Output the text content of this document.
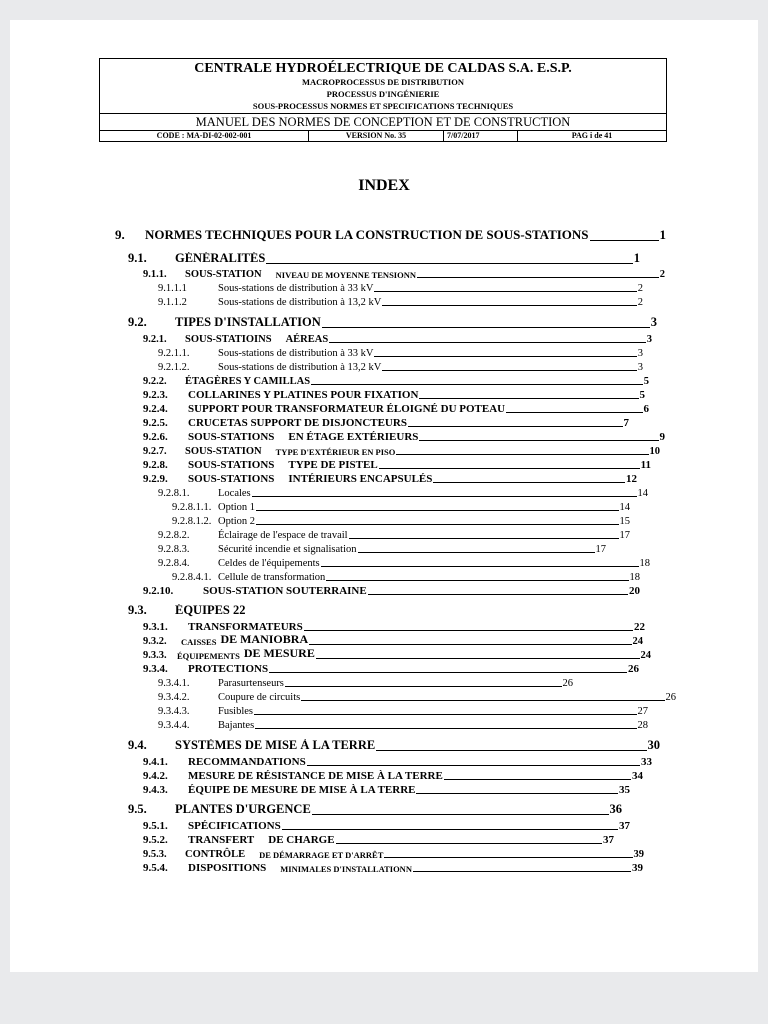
CENTRALE HYDROÉLECTRIQUE DE CALDAS S.A. E.S.P.
MACROPROCESSUS DE DISTRIBUTION
PROCESSUS D'INGÉNIERIE
SOUS-PROCESSUS NORMES ET SPECIFICATIONS TECHNIQUES
MANUEL DES NORMES DE CONCEPTION ET DE CONSTRUCTION
CODE : MA-DI-02-002-001	VERSION No. 35	7/07/2017	PAG i de 41
INDEX
9.	NORMES TECHNIQUES POUR LA CONSTRUCTION DE SOUS-STATIONS	1
9.1.	GÉNÉRALITÉS	1
9.1.1.	SOUS-STATION NIVEAU DE MOYENNE TENSIONN	2
9.1.1.1	Sous-stations de distribution à 33 kV	2
9.1.1.2	Sous-stations de distribution à 13,2 kV	2
9.2.	TIPES D'INSTALLATION	3
9.2.1.	SOUS-STATIOINS AÉREAS	3
9.2.1.1.	Sous-stations de distribution à 33 kV	3
9.2.1.2.	Sous-stations de distribution à 13,2 kV	3
9.2.2.	ÉTAGÈRES Y CAMILLAS	5
9.2.3.	COLLARINES Y PLATINES POUR FIXATION	5
9.2.4.	SUPPORT POUR TRANSFORMATEUR ÉLOIGNÉ DU POTEAU	6
9.2.5.	CRUCETAS SUPPORT DE DISJONCTEURS	7
9.2.6.	SOUS-STATIONS EN ÉTAGE EXTÉRIEURS	9
9.2.7.	SOUS-STATION TYPE D'EXTÉRIEUR EN PISO	10
9.2.8.	SOUS-STATIONS TYPE DE PISTEL	11
9.2.9.	SOUS-STATIONS INTÉRIEURS ENCAPSULÉS	12
9.2.8.1.	Locales	14
9.2.8.1.1. Option 1	14
9.2.8.1.2. Option 2	15
9.2.8.2.	Éclairage de l'espace de travail	17
9.2.8.3.	Sécurité incendie et signalisation	17
9.2.8.4.	Celdes de l'équipements	18
9.2.8.4.1. Cellule de transformation	18
9.2.10.	SOUS-STATION SOUTERRAINE	20
9.3.	ÉQUIPES 22
9.3.1.	TRANSFORMATEURS	22
9.3.2.	CAISSES DE MANIOBRA	24
9.3.3.	ÉQUIPEMENTS DE MESURE	24
9.3.4.	PROTECTIONS	26
9.3.4.1.	Parasurtenseurs	26
9.3.4.2.	Coupure de circuits	26
9.3.4.3.	Fusibles	27
9.3.4.4.	Bajantes	28
9.4.	SYSTÈMES DE MISE À LA TERRE	30
9.4.1.	RECOMMANDATIONS	33
9.4.2.	MESURE DE RÉSISTANCE DE MISE À LA TERRE	34
9.4.3.	ÉQUIPE DE MESURE DE MISE À LA TERRE	35
9.5.	PLANTES D'URGENCE	36
9.5.1.	SPÉCIFICATIONS	37
9.5.2.	TRANSFERT DE CHARGE	37
9.5.3.	CONTRÔLE DE DÉMARRAGE ET D'ARRÊT	39
9.5.4.	DISPOSITIONS MINIMALES D'INSTALLATIONN	39
